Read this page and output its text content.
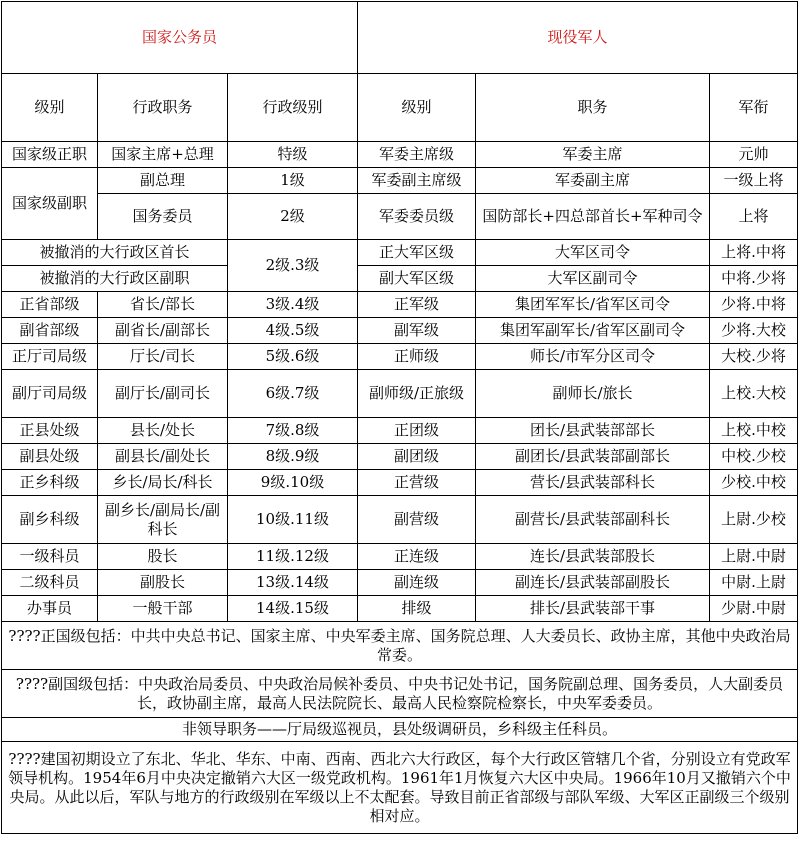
国家公务员			现役军人		
级别	行政职务	行政级别	级别	职务	军衔
国家级正职	国家主席+总理	特级	军委主席级	军委主席	元帅
国家级副职	副总理	1级	军委副主席级	军委副主席	一级上将
	国务委员	2级	军委委员级	国防部长+四总部首长+军种司令	上将
被撤消的大行政区首长		2级.3级	正大军区级	大军区司令	上将.中将
被撤消的大行政区副职			副大军区级	大军区副司令	中将.少将
正省部级	省长/部长	3级.4级	正军级	集团军军长/省军区司令	少将.中将
副省部级	副省长/副部长	4级.5级	副军级	集团军副军长/省军区副司令	少将.大校
正厅司局级	厅长/司长	5级.6级	正师级	师长/市军分区司令	大校.少将
副厅司局级	副厅长/副司长	6级.7级	副师级/正旅级	副师长/旅长	上校.大校
正县处级	县长/处长	7级.8级	正团级	团长/县武装部部长	上校.中校
副县处级	副县长/副处长	8级.9级	副团级	副团长/县武装部副部长	中校.少校
正乡科级	乡长/局长/科长	9级.10级	正营级	营长/县武装部科长	少校.中校
副乡科级	副乡长/副局长/副科长	10级.11级	副营级	副营长/县武装部副科长	上尉.少校
一级科员	股长	11级.12级	正连级	连长/县武装部股长	上尉.中尉
二级科员	副股长	13级.14级	副连级	副连长/县武装部副股长	中尉.上尉
办事员	一般干部	14级.15级	排级	排长/县武装部干事	少尉.中尉
????正国级包括：中共中央总书记、国家主席、中央军委主席、国务院总理、人大委员长、政协主席，其他中央政治局常委。					
????副国级包括：中央政治局委员、中央政治局候补委员、中央书记处书记，国务院副总理、国务委员，人大副委员长，政协副主席，最高人民法院院长、最高人民检察院检察长，中央军委委员。					
非领导职务——厅局级巡视员，县处级调研员，乡科级主任科员。					
????建国初期设立了东北、华北、华东、中南、西南、西北六大行政区，每个大行政区管辖几个省，分别设立有党政军领导机构。1954年6月中央决定撤销六大区一级党政机构。1961年1月恢复六大区中央局。1966年10月又撤销六个中央局。从此以后，军队与地方的行政级别在军级以上不太配套。导致目前正省部级与部队军级、大军区正副级三个级别相对应。					
